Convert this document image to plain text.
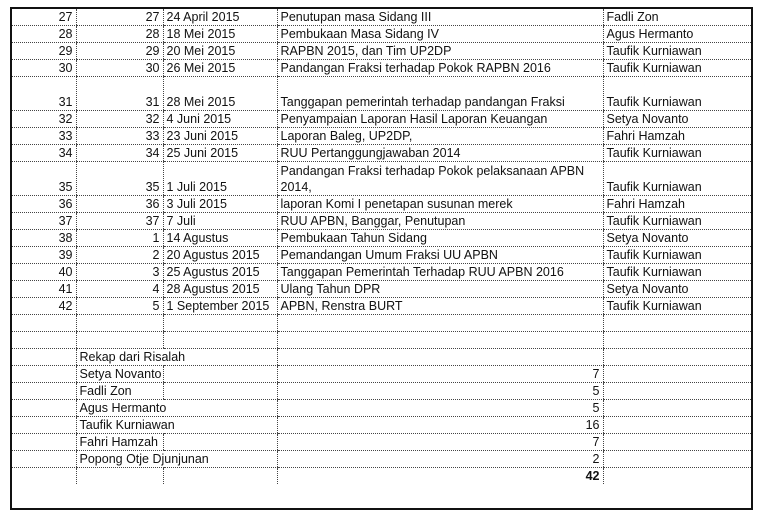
27	27	24 April 2015	Penutupan masa Sidang III	Fadli Zon
28	28	18 Mei 2015	Pembukaan Masa Sidang IV	Agus Hermanto
29	29	20 Mei 2015	RAPBN 2015, dan Tim UP2DP	Taufik Kurniawan
30	30	26 Mei 2015	Pandangan Fraksi terhadap Pokok RAPBN 2016	Taufik Kurniawan
31	31	28 Mei 2015	Tanggapan pemerintah terhadap pandangan Fraksi	Taufik Kurniawan
32	32	4 Juni 2015	Penyampaian Laporan Hasil Laporan Keuangan	Setya Novanto
33	33	23 Juni 2015	Laporan Baleg, UP2DP,	Fahri Hamzah
34	34	25 Juni 2015	RUU Pertanggungjawaban 2014	Taufik Kurniawan
35	35	1 Juli 2015	Pandangan Fraksi terhadap Pokok pelaksanaan APBN 2014,	Taufik Kurniawan
36	36	3 Juli 2015	laporan Komi I penetapan susunan merek	Fahri Hamzah
37	37	7 Juli	RUU APBN, Banggar, Penutupan	Taufik Kurniawan
38	1	14 Agustus	Pembukaan Tahun Sidang	Setya Novanto
39	2	20 Agustus 2015	Pemandangan Umum Fraksi UU APBN	Taufik Kurniawan
40	3	25 Agustus 2015	Tanggapan Pemerintah Terhadap RUU APBN 2016	Taufik Kurniawan
41	4	28 Agustus 2015	Ulang Tahun DPR	Setya Novanto
42	5	1 September 2015	APBN, Renstra BURT	Taufik Kurniawan

	Rekap dari Risalah			
	Setya Novanto		7	
	Fadli Zon		5	
	Agus Hermanto		5	
	Taufik Kurniawan		16	
	Fahri Hamzah		7	
	Popong Otje Djunjunan		2	
			42	
